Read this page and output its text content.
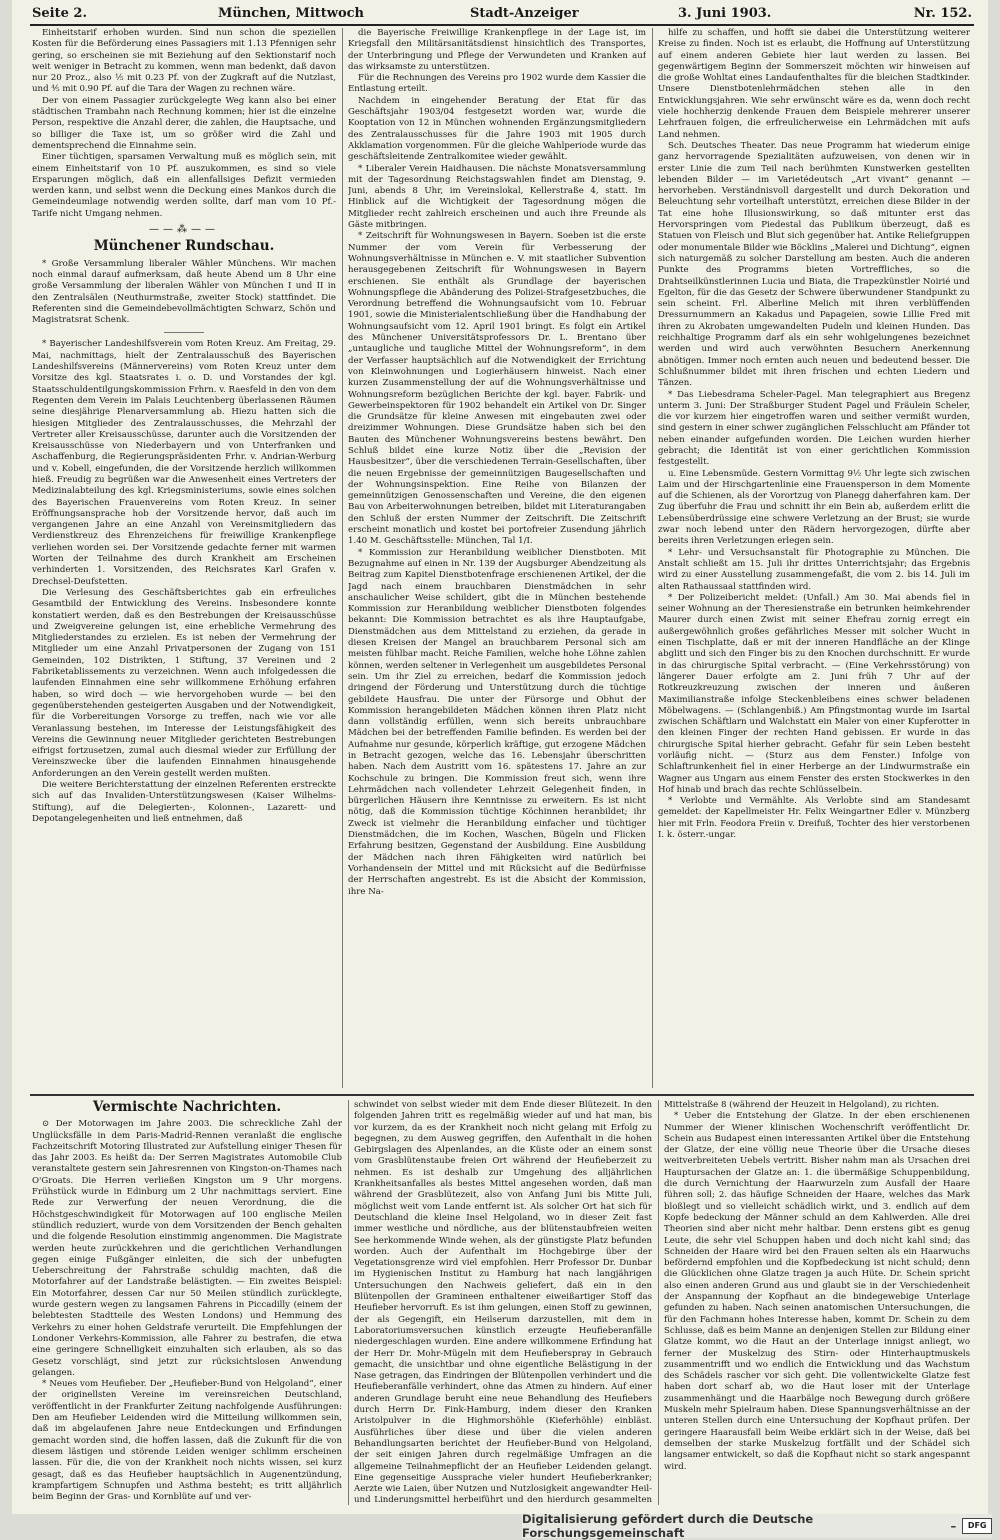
Seite 2.	München, Mittwoch	Stadt-Anzeiger	3. Juni 1903.	Nr. 152.

Einheitstarif erhoben wurden. Sind nun schon die speziellen Kosten für die Beförderung eines Passagiers mit 1.13 Pfennigen sehr gering, so erscheinen sie mit Beziehung auf den Sektionstarif noch weit weniger in Betracht zu kommen, wenn man bedenkt, daß davon nur 20 Proz., also ⅕ mit 0.23 Pf. von der Zugkraft auf die Nutzlast, und ⅘ mit 0.90 Pf. auf die Tara der Wagen zu rechnen wäre.

Der von einem Passagier zurückgelegte Weg kann also bei einer städtischen Trambahn nach Rechnung kommen; hier ist die einzelne Person, respektive die Anzahl derer, die zahlen, die Hauptsache, und so billiger die Taxe ist, um so größer wird die Zahl und dementsprechend die Einnahme sein.

Einer tüchtigen, sparsamen Verwaltung muß es möglich sein, mit einem Einheitstarif von 10 Pf. auszukommen, es sind so viele Ersparungen möglich, daß ein allenfallsiges Defizit vermieden werden kann, und selbst wenn die Deckung eines Mankos durch die Gemeindeumlage notwendig werden sollte, darf man vom 10 Pf.-Tarife nicht Umgang nehmen.

——⁂——
Münchener Rundschau.

* Große Versammlung liberaler Wähler Münchens. Wir machen noch einmal darauf aufmerksam, daß heute Abend um 8 Uhr eine große Versammlung der liberalen Wähler von München I und II in den Zentralsälen (Neuthurmstraße, zweiter Stock) stattfindet. Die Referenten sind die Gemeindebevollmächtigten Schwarz, Schön und Magistratsrat Schenk.

* Bayerischer Landeshilfsverein vom Roten Kreuz. Am Freitag, 29. Mai, nachmittags, hielt der Zentralausschuß des Bayerischen Landeshilfsvereins (Männervereins) vom Roten Kreuz unter dem Vorsitze des kgl. Staatsrates i. o. D. und Vorstandes der kgl. Staatsschuldentilgungskommission Frhrn. v. Raesfeld in den von dem Regenten dem Verein im Palais Leuchtenberg überlassenen Räumen seine diesjährige Plenarversammlung ab. Hiezu hatten sich die hiesigen Mitglieder des Zentralausschusses, die Mehrzahl der Vertreter aller Kreisausschüsse, darunter auch die Vorsitzenden der Kreisausschüsse von Niederbayern und von Unterfranken und Aschaffenburg, die Regierungspräsidenten Frhr. v. Andrian-Werburg und v. Kobell, eingefunden, die der Vorsitzende herzlich willkommen hieß. Freudig zu begrüßen war die Anwesenheit eines Vertreters der Medizinalabteilung des kgl. Kriegsministeriums, sowie eines solchen des Bayerischen Frauenvereins vom Roten Kreuz. In seiner Eröffnungsansprache hob der Vorsitzende hervor, daß auch im vergangenen Jahre an eine Anzahl von Vereinsmitgliedern das Verdienstkreuz des Ehrenzeichens für freiwillige Krankenpflege verliehen worden sei. Der Vorsitzende gedachte ferner mit warmen Worten der Teilnahme des durch Krankheit am Erscheinen verhinderten 1. Vorsitzenden, des Reichsrates Karl Grafen v. Drechsel-Deufstetten.

Die Verlesung des Geschäftsberichtes gab ein erfreuliches Gesamtbild der Entwicklung des Vereins. Insbesondere konnte konstatiert werden, daß es den Bestrebungen der Kreisausschüsse und Zweigvereine gelungen ist, eine erhebliche Vermehrung des Mitgliederstandes zu erzielen. Es ist neben der Vermehrung der Mitglieder um eine Anzahl Privatpersonen der Zugang von 151 Gemeinden, 102 Distrikten, 1 Stiftung, 37 Vereinen und 2 Fabriketablissements zu verzeichnen. Wenn auch infolgedessen die laufenden Einnahmen eine sehr willkommene Erhöhung erfahren haben, so wird doch — wie hervorgehoben wurde — bei den gegenüberstehenden gesteigerten Ausgaben und der Notwendigkeit, für die Vorbereitungen Vorsorge zu treffen, nach wie vor alle Veranlassung bestehen, im Interesse der Leistungsfähigkeit des Vereins die Gewinnung neuer Mitglieder gerichteten Bestrebungen eifrigst fortzusetzen, zumal auch diesmal wieder zur Erfüllung der Vereinszwecke über die laufenden Einnahmen hinausgehende Anforderungen an den Verein gestellt werden mußten.

Die weitere Berichterstattung der einzelnen Referenten erstreckte sich auf das Invaliden-Unterstützungswesen (Kaiser Wilhelms-Stiftung), auf die Delegierten-, Kolonnen-, Lazarett- und Depotangelegenheiten und ließ entnehmen, daß

die Bayerische Freiwillige Krankenpflege in der Lage ist, im Kriegsfall den Militärsanitätsdienst hinsichtlich des Transportes, der Unterbringung und Pflege der Verwundeten und Kranken auf das wirksamste zu unterstützen.

Für die Rechnungen des Vereins pro 1902 wurde dem Kassier die Entlastung erteilt.

Nachdem in eingehender Beratung der Etat für das Geschäftsjahr 1903/04 festgesetzt worden war, wurde die Kooptation von 12 in München wohnenden Ergänzungsmitgliedern des Zentralausschusses für die Jahre 1903 mit 1905 durch Akklamation vorgenommen. Für die gleiche Wahlperiode wurde das geschäftsleitende Zentralkomitee wieder gewählt.

* Liberaler Verein Haidhausen. Die nächste Monatsversammlung mit der Tagesordnung Reichstagswahlen findet am Dienstag, 9. Juni, abends 8 Uhr, im Vereinslokal, Kellerstraße 4, statt. Im Hinblick auf die Wichtigkeit der Tagesordnung mögen die Mitglieder recht zahlreich erscheinen und auch ihre Freunde als Gäste mitbringen.

* Zeitschrift für Wohnungswesen in Bayern. Soeben ist die erste Nummer der vom Verein für Verbesserung der Wohnungsverhältnisse in München e. V. mit staatlicher Subvention herausgegebenen Zeitschrift für Wohnungswesen in Bayern erschienen. Sie enthält als Grundlage der bayerischen Wohnungspflege die Abänderung des Polizei-Strafgesetzbuches, die Verordnung betreffend die Wohnungsaufsicht vom 10. Februar 1901, sowie die Ministerialentschließung über die Handhabung der Wohnungsaufsicht vom 12. April 1901 bringt. Es folgt ein Artikel des Münchener Universitätsprofessors Dr. L. Brentano über „untaugliche und taugliche Mittel der Wohnungsreform“, in dem der Verfasser hauptsächlich auf die Notwendigkeit der Errichtung von Kleinwohnungen und Logierhäusern hinweist. Nach einer kurzen Zusammenstellung der auf die Wohnungsverhältnisse und Wohnungsreform bezüglichen Berichte der kgl. bayer. Fabrik- und Gewerbeinspektoren für 1902 behandelt ein Artikel von Dr. Singer die Grundsätze für kleine Anwesen mit eingebauten zwei oder dreizimmer Wohnungen. Diese Grundsätze haben sich bei den Bauten des Münchener Wohnungsvereins bestens bewährt. Den Schluß bildet eine kurze Notiz über die „Revision der Hausbesitzer“, über die verschiedenen Terrain-Gesellschaften, über die neuen Ergebnisse der gemeinnützigen Baugesellschaften und der Wohnungsinspektion. Eine Reihe von Bilanzen der gemeinnützigen Genossenschaften und Vereine, die den eigenen Bau von Arbeiterwohnungen betreiben, bildet mit Literaturangaben den Schluß der ersten Nummer der Zeitschrift. Die Zeitschrift erscheint monatlich und kostet bei portofreier Zusendung jährlich 1.40 M. Geschäftsstelle: München, Tal 1/I.

* Kommission zur Heranbildung weiblicher Dienstboten. Mit Bezugnahme auf einen in Nr. 139 der Augsburger Abendzeitung als Beitrag zum Kapitel Dienstbotenfrage erschienenen Artikel, der die Jagd nach einem brauchbaren Dienstmädchen in sehr anschaulicher Weise schildert, gibt die in München bestehende Kommission zur Heranbildung weiblicher Dienstboten folgendes bekannt: Die Kommission betrachtet es als ihre Hauptaufgabe, Dienstmädchen aus dem Mittelstand zu erziehen, da gerade in diesen Kreisen der Mangel an brauchbarem Personal sich am meisten fühlbar macht. Reiche Familien, welche hohe Löhne zahlen können, werden seltener in Verlegenheit um ausgebildetes Personal sein. Um ihr Ziel zu erreichen, bedarf die Kommission jedoch dringend der Förderung und Unterstützung durch die tüchtige gebildete Hausfrau. Die unter der Fürsorge und Obhut der Kommission herangebildeten Mädchen können ihren Platz nicht dann vollständig erfüllen, wenn sich bereits unbrauchbare Mädchen bei der betreffenden Familie befinden. Es werden bei der Aufnahme nur gesunde, körperlich kräftige, gut erzogene Mädchen in Betracht gezogen, welche das 16. Lebensjahr überschritten haben. Nach dem Austritt vom 16. spätestens 17. Jahre an zur Kochschule zu bringen. Die Kommission freut sich, wenn ihre Lehrmädchen nach vollendeter Lehrzeit Gelegenheit finden, in bürgerlichen Häusern ihre Kenntnisse zu erweitern. Es ist nicht nötig, daß die Kommission tüchtige Köchinnen heranbildet; ihr Zweck ist vielmehr die Heranbildung einfacher und tüchtiger Dienstmädchen, die im Kochen, Waschen, Bügeln und Flicken Erfahrung besitzen, Gegenstand der Ausbildung. Eine Ausbildung der Mädchen nach ihren Fähigkeiten wird natürlich bei Vorhandensein der Mittel und mit Rücksicht auf die Bedürfnisse der Herrschaften angestrebt. Es ist die Absicht der Kommission, ihre Na-

hilfe zu schaffen, und hofft sie dabei die Unterstützung weiterer Kreise zu finden. Noch ist es erlaubt, die Hoffnung auf Unterstützung auf einem anderen Gebiete hier laut werden zu lassen. Bei gegenwärtigem Beginn der Sommerszeit möchten wir hinweisen auf die große Wohltat eines Landaufenthaltes für die bleichen Stadtkinder. Unsere Dienstbotenlehrmädchen stehen alle in den Entwicklungsjahren. Wie sehr erwünscht wäre es da, wenn doch recht viele hochherzig denkende Frauen dem Beispiele mehrerer unserer Lehrfrauen folgen, die erfreulicherweise ein Lehrmädchen mit aufs Land nehmen.

Sch. Deutsches Theater. Das neue Programm hat wiederum einige ganz hervorragende Spezialitäten aufzuweisen, von denen wir in erster Linie die zum Teil nach berühmten Kunstwerken gestellten lebenden Bilder — im Varietédeutsch „Art vivant“ genannt — hervorheben. Verständnisvoll dargestellt und durch Dekoration und Beleuchtung sehr vorteilhaft unterstützt, erreichen diese Bilder in der Tat eine hohe Illusionswirkung, so daß mitunter erst das Hervorspringen vom Piedestal das Publikum überzeugt, daß es Statuen von Fleisch und Blut sich gegenüber hat. Antike Reliefgruppen oder monumentale Bilder wie Böcklins „Malerei und Dichtung“, eignen sich naturgemäß zu solcher Darstellung am besten. Auch die anderen Punkte des Programms bieten Vortreffliches, so die Drahtseilkünstlerinnen Lucia und Biata, die Trapezkünstler Noirié und Egelton, für die das Gesetz der Schwere überwundener Standpunkt zu sein scheint. Frl. Alberline Melich mit ihren verblüffenden Dressurnummern an Kakadus und Papageien, sowie Lillie Fred mit ihren zu Akrobaten umgewandelten Pudeln und kleinen Hunden. Das reichhaltige Programm darf als ein sehr wohlgelungenes bezeichnet werden und wird auch verwöhnten Besuchern Anerkennung abnötigen. Immer noch ernten auch neuen und bedeutend besser. Die Schlußnummer bildet mit ihren frischen und echten Liedern und Tänzen.

* Das Liebesdrama Scheler-Pagel. Man telegraphiert aus Bregenz unterm 3. Juni: Der Straßburger Student Pagel und Fräulein Scheler, die vor kurzem hier eingetroffen waren und seither vermißt wurden, sind gestern in einer schwer zugänglichen Felsschlucht am Pfänder tot neben einander aufgefunden worden. Die Leichen wurden hierher gebracht; die Identität ist von einer gerichtlichen Kommission festgestellt.

u. Eine Lebensmüde. Gestern Vormittag 9½ Uhr legte sich zwischen Laim und der Hirschgartenlinie eine Frauensperson in dem Momente auf die Schienen, als der Vorortzug von Planegg daherfahren kam. Der Zug überfuhr die Frau und schnitt ihr ein Bein ab, außerdem erlitt die Lebensüberdrüssige eine schwere Verletzung an der Brust; sie wurde zwar noch lebend unter den Rädern hervorgezogen, dürfte aber bereits ihren Verletzungen erlegen sein.

* Lehr- und Versuchsanstalt für Photographie zu München. Die Anstalt schließt am 15. Juli ihr drittes Unterrichtsjahr; das Ergebnis wird zu einer Ausstellung zusammengefaßt, die vom 2. bis 14. Juli im alten Rathaussaal stattfinden wird.

* Der Polizeibericht meldet: (Unfall.) Am 30. Mai abends fiel in seiner Wohnung an der Theresienstraße ein betrunken heimkehrender Maurer durch einen Zwist mit seiner Ehefrau zornig erregt ein außergewöhnlich großes gefährliches Messer mit solcher Wucht in einen Tischplatte, daß er mit der inneren Handfläche an der Klinge abglitt und sich den Finger bis zu den Knochen durchschnitt. Er wurde in das chirurgische Spital verbracht. — (Eine Verkehrsstörung) von längerer Dauer erfolgte am 2. Juni früh 7 Uhr auf der Rotkreuzkreuzung zwischen der inneren und äußeren Maximilianstraße infolge Steckenbleibens eines schwer beladenen Möbelwagens. — (Schlangenbiß.) Am Pfingstmontag wurde im Isartal zwischen Schäftlarn und Walchstatt ein Maler von einer Kupferotter in den kleinen Finger der rechten Hand gebissen. Er wurde in das chirurgische Spital hierher gebracht. Gefahr für sein Leben besteht vorläufig nicht. — (Sturz aus dem Fenster.) Infolge von Schlaftrunkenheit fiel in einer Herberge an der Lindwurmstraße ein Wagner aus Ungarn aus einem Fenster des ersten Stockwerkes in den Hof hinab und brach das rechte Schlüsselbein.

* Verlobte und Vermählte. Als Verlobte sind am Standesamt gemeldet: der Kapellmeister Hr. Felix Weingartner Edler v. Münzberg hier mit Frln. Feodora Freiin v. Dreifuß, Tochter des hier verstorbenen I. k. österr.-ungar.

Vermischte Nachrichten.

⊙ Der Motorwagen im Jahre 2003. Die schreckliche Zahl der Unglücksfälle in dem Paris-Madrid-Rennen veranlaßt die englische Fachzeitschrift Motoring Illustrated zur Aufstellung einiger Thesen für das Jahr 2003. Es heißt da: Der Serren Magistrates Automobile Club veranstaltete gestern sein Jahresrennen von Kingston-on-Thames nach O'Groats. Die Herren verließen Kingston um 9 Uhr morgens. Frühstück wurde in Edinburg um 2 Uhr nachmittags serviert. Eine Rede zur Verwerfung der neuen Verordnung, die die Höchstgeschwindigkeit für Motorwagen auf 100 englische Meilen stündlich reduziert, wurde von dem Vorsitzenden der Bench gehalten und die folgende Resolution einstimmig angenommen. Die Magistrate werden heute zurückkehren und die gerichtlichen Verhandlungen gegen einige Fußgänger einleiten, die sich der unbefugten Ueberschreitung der Fahrstraße schuldig machten, daß die Motorfahrer auf der Landstraße belästigten. — Ein zweites Beispiel: Ein Motorfahrer, dessen Car nur 50 Meilen stündlich zurücklegte, wurde gestern wegen zu langsamen Fahrens in Piccadilly (einem der belebtesten Stadtteile des Westen Londons) und Hemmung des Verkehrs zu einer hohen Geldstrafe verurteilt. Die Empfehlungen der Londoner Verkehrs-Kommission, alle Fahrer zu bestrafen, die etwa eine geringere Schnelligkeit einzuhalten sich erlauben, als so das Gesetz vorschlägt, sind jetzt zur rücksichtslosen Anwendung gelangen.

* Neues vom Heufieber. Der „Heufieber-Bund von Helgoland“, einer der originellsten Vereine im vereinsreichen Deutschland, veröffentlicht in der Frankfurter Zeitung nachfolgende Ausführungen: Den am Heufieber Leidenden wird die Mitteilung willkommen sein, daß im abgelaufenen Jahre neue Entdeckungen und Erfindungen gemacht worden sind, die hoffen lassen, daß die Zukunft für die von diesem lästigen und störende Leiden weniger schlimm erscheinen lassen. Für die, die von der Krankheit noch nichts wissen, sei kurz gesagt, daß es das Heufieber hauptsächlich in Augenentzündung, krampfartigem Schnupfen und Asthma besteht; es tritt alljährlich beim Beginn der Gras- und Kornblüte auf und ver-

schwindet von selbst wieder mit dem Ende dieser Blütezeit. In den folgenden Jahren tritt es regelmäßig wieder auf und hat man, bis vor kurzem, da es der Krankheit noch nicht gelang mit Erfolg zu begegnen, zu dem Ausweg gegriffen, den Aufenthalt in die hohen Gebirgslagen des Alpenlandes, an die Küste oder an einem sonst vom Grasblütenstaube freien Ort während der Heufieberzeit zu nehmen. Es ist deshalb zur Umgehung des alljährlichen Krankheitsanfalles als bestes Mittel angesehen worden, daß man während der Grasblütezeit, also von Anfang Juni bis Mitte Juli, möglichst weit vom Lande entfernt ist. Als solcher Ort hat sich für Deutschland die kleine Insel Helgoland, wo in dieser Zeit fast immer westliche und nördliche, aus der blütenstaubfreien weiten See herkommende Winde wehen, als der günstigste Platz befunden worden. Auch der Aufenthalt im Hochgebirge über der Vegetationsgrenze wird viel empfohlen. Herr Professor Dr. Dunbar im Hygienischen Institut zu Hamburg hat nach langjährigen Untersuchungen den Nachweis geliefert, daß ein in den Blütenpollen der Gramineen enthaltener eiweißartiger Stoff das Heufieber hervorruft. Es ist ihm gelungen, einen Stoff zu gewinnen, der als Gegengift, ein Heilserum darzustellen, mit dem in Laboratoriumsversuchen künstlich erzeugte Heufieberanfälle niedergeschlagen wurden. Eine andere willkommene Erfindung hat der Herr Dr. Mohr-Mügeln mit dem Heufieberspray in Gebrauch gemacht, die unsichtbar und ohne eigentliche Belästigung in der Nase getragen, das Eindringen der Blütenpollen verhindert und die Heufieberanfälle verhindert, ohne das Atmen zu hindern. Auf einer anderen Grundlage beruht eine neue Behandlung des Heufiebers durch Herrn Dr. Fink-Hamburg, indem dieser den Kranken Aristolpulver in die Highmorshöhle (Kieferhöhle) einbläst. Ausführliches über diese und über die vielen anderen Behandlungsarten berichtet der Heufieber-Bund von Helgoland, der seit einigen Jahren durch regelmäßige Umfragen an die allgemeine Teilnahmepflicht der an Heufieber Leidenden gelangt. Eine gegenseitige Aussprache vieler hundert Heufieberkranker; Aerzte wie Laien, über Nutzen und Nutzlosigkeit angewandter Heil- und Linderungsmittel herbeiführt und den hierdurch gesammelten

Mittelstraße 8 (während der Heuzeit in Helgoland), zu richten.

* Ueber die Entstehung der Glatze. In der eben erschienenen Nummer der Wiener klinischen Wochenschrift veröffentlicht Dr. Schein aus Budapest einen interessanten Artikel über die Entstehung der Glatze, der eine völlig neue Theorie über die Ursache dieses weitverbreiteten Uebels vertritt. Bisher nahm man als Ursachen drei Hauptursachen der Glatze an: 1. die übermäßige Schuppenbildung, die durch Vernichtung der Haarwurzeln zum Ausfall der Haare führen soll; 2. das häufige Schneiden der Haare, welches das Mark bloßlegt und so vielleicht schädlich wirkt, und 3. endlich auf dem Kopfe bedeckung der Männer schuld an dem Kahlwerden. Alle drei Theorien sind aber nicht mehr haltbar. Denn erstens gibt es genug Leute, die sehr viel Schuppen haben und doch nicht kahl sind; das Schneiden der Haare wird bei den Frauen selten als ein Haarwuchs befördernd empfohlen und die Kopfbedeckung ist nicht schuld; denn die Glücklichen ohne Glatze tragen ja auch Hüte. Dr. Schein spricht also einen anderen Grund aus und glaubt sie in der Verschiedenheit der Anspannung der Kopfhaut an die bindegewebige Unterlage gefunden zu haben. Nach seinen anatomischen Untersuchungen, die für den Fachmann hohes Interesse haben, kommt Dr. Schein zu dem Schlusse, daß es beim Manne an denjenigen Stellen zur Bildung einer Glatze kommt, wo die Haut an der Unterlage innigst anliegt, wo ferner der Muskelzug des Stirn- oder Hinterhauptmuskels zusammentrifft und wo endlich die Entwicklung und das Wachstum des Schädels rascher vor sich geht. Die vollentwickelte Glatze fest haben dort scharf ab, wo die Haut loser mit der Unterlage zusammenhängt und die Haarbälge noch Bewegung durch größere Muskeln mehr Spielraum haben. Diese Spannungsverhältnisse an der unteren Stellen durch eine Untersuchung der Kopfhaut prüfen. Der geringere Haarausfall beim Weibe erklärt sich in der Weise, daß bei demselben der starke Muskelzug fortfällt und der Schädel sich langsamer entwickelt, so daß die Kopfhaut nicht so stark angespannt wird.

Digitalisierung gefördert durch die Deutsche Forschungsgemeinschaft	–	DFG
